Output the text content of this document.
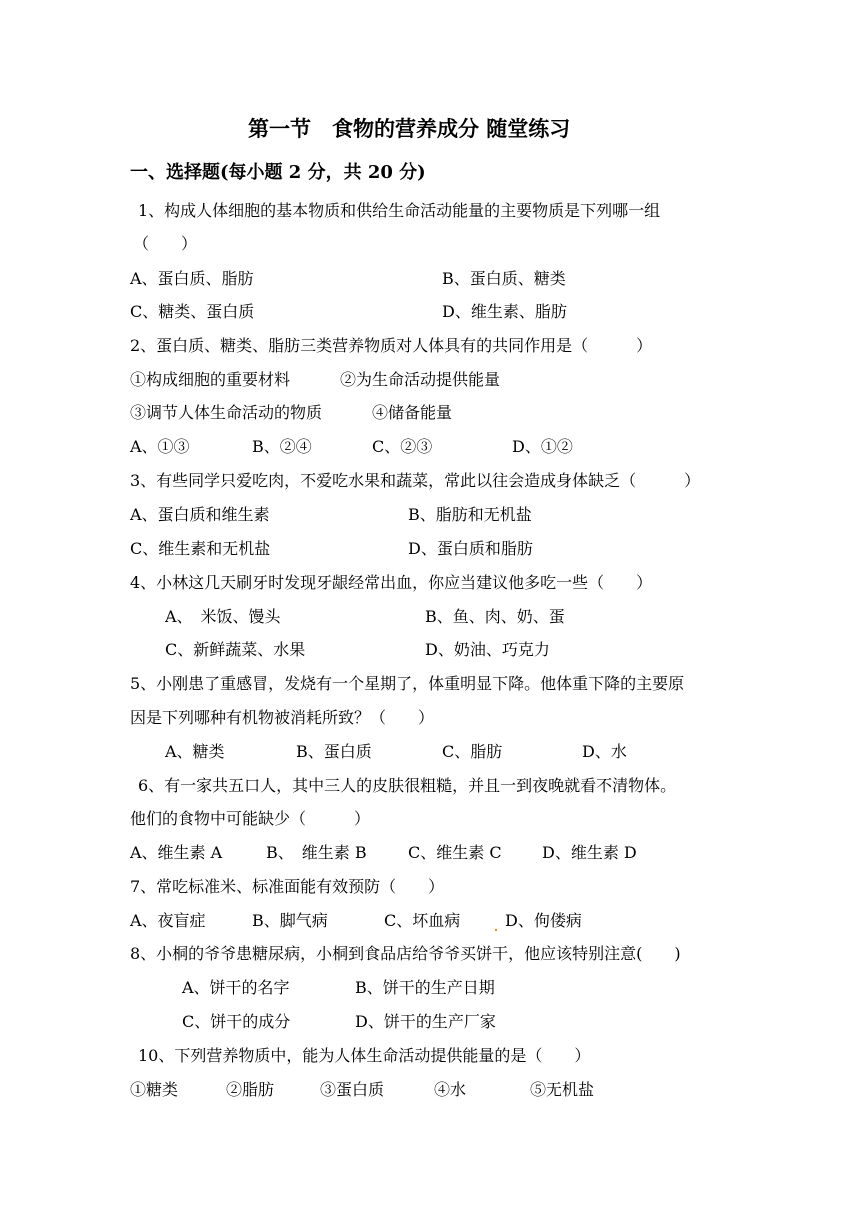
第一节　食物的营养成分 随堂练习
一、选择题(每小题 2 分，共 20 分)
1、构成人体细胞的基本物质和供给生命活动能量的主要物质是下列哪一组
（　　）
A、蛋白质、脂肪	B、蛋白质、糖类
C、糖类、蛋白质	D、维生素、脂肪
2、蛋白质、糖类、脂肪三类营养物质对人体具有的共同作用是（　　　）
①构成细胞的重要材料	②为生命活动提供能量
③调节人体生命活动的物质	④储备能量
A、①③	B、②④	C、②③	D、①②
3、有些同学只爱吃肉，不爱吃水果和蔬菜，常此以往会造成身体缺乏（　　　）
A、蛋白质和维生素	B、脂肪和无机盐
C、维生素和无机盐	D、蛋白质和脂肪
4、小林这几天刷牙时发现牙龈经常出血，你应当建议他多吃一些（　　）
A、　米饭、馒头	B、鱼、肉、奶、蛋
C、新鲜蔬菜、水果	D、奶油、巧克力
5、小刚患了重感冒，发烧有一个星期了，体重明显下降。他体重下降的主要原
因是下列哪种有机物被消耗所致？（　　）
A、糖类	B、蛋白质	C、脂肪	D、水
6、有一家共五口人，其中三人的皮肤很粗糙，并且一到夜晚就看不清物体。
他们的食物中可能缺少（　　　）
A、维生素 A	B、　维生素 B	C、维生素 C	D、维生素 D
7、常吃标准米、标准面能有效预防（　　）
A、夜盲症	B、脚气病	C、坏血病	D、佝偻病
8、小桐的爷爷患糖尿病，小桐到食品店给爷爷买饼干，他应该特别注意(　　)
A、饼干的名字	B、饼干的生产日期
C、饼干的成分	D、饼干的生产厂家
10、下列营养物质中，能为人体生命活动提供能量的是（　　）
①糖类	②脂肪	③蛋白质	④水	⑤无机盐
